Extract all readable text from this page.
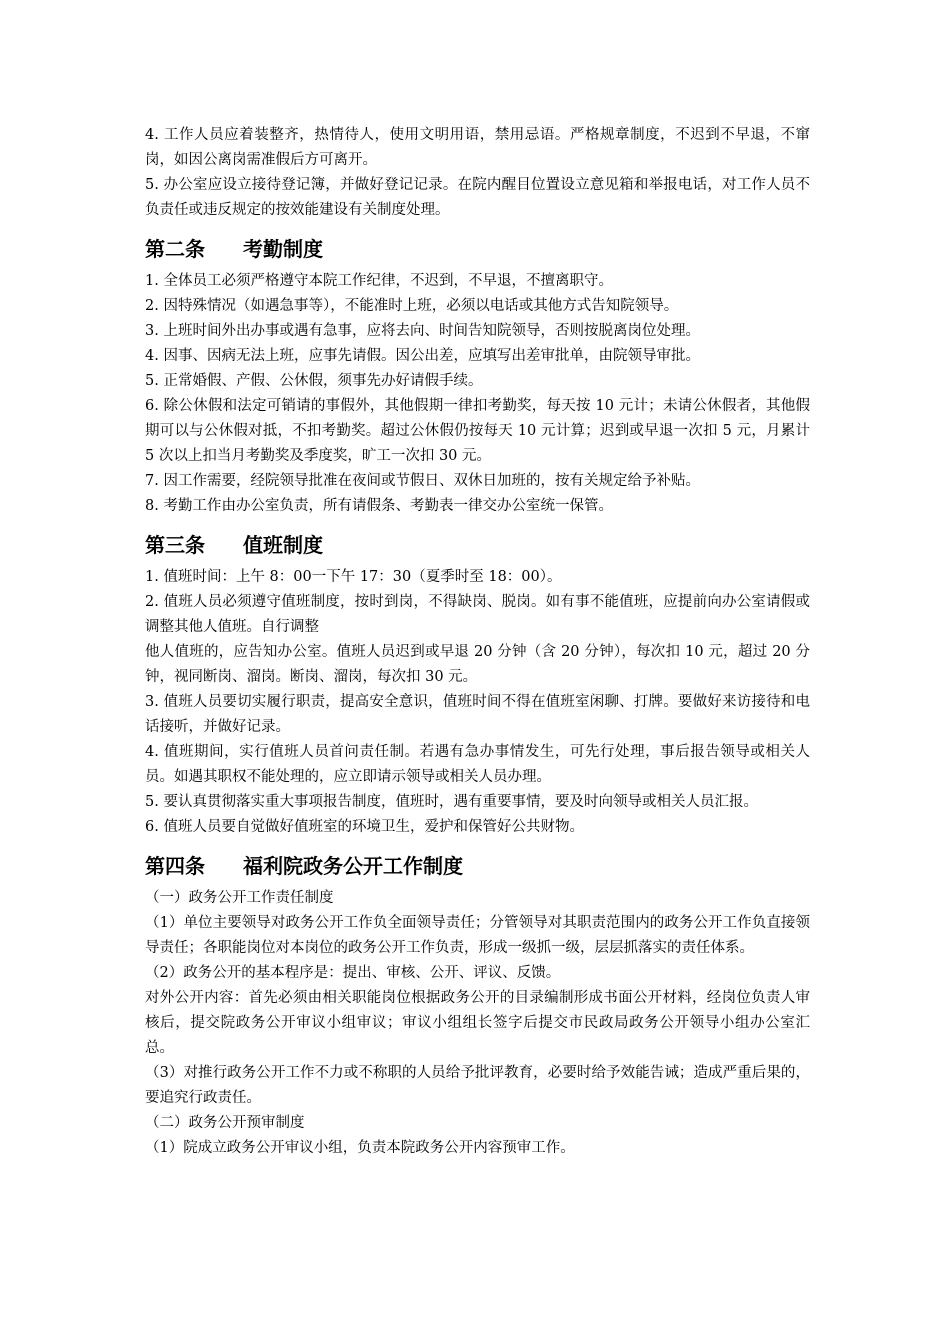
4. 工作人员应着装整齐，热情待人，使用文明用语，禁用忌语。严格规章制度，不迟到不早退，不窜岗，如因公离岗需准假后方可离开。

5. 办公室应设立接待登记簿，并做好登记记录。在院内醒目位置设立意见箱和举报电话，对工作人员不负责任或违反规定的按效能建设有关制度处理。

第二条 考勤制度

1. 全体员工必须严格遵守本院工作纪律，不迟到，不早退，不擅离职守。

2. 因特殊情况（如遇急事等），不能准时上班，必须以电话或其他方式告知院领导。

3. 上班时间外出办事或遇有急事，应将去向、时间告知院领导，否则按脱离岗位处理。

4. 因事、因病无法上班，应事先请假。因公出差，应填写出差审批单，由院领导审批。

5. 正常婚假、产假、公休假，须事先办好请假手续。

6. 除公休假和法定可销请的事假外，其他假期一律扣考勤奖，每天按 10 元计；未请公休假者，其他假期可以与公休假对抵，不扣考勤奖。超过公休假仍按每天 10 元计算；迟到或早退一次扣 5 元，月累计 5 次以上扣当月考勤奖及季度奖，旷工一次扣 30 元。

7. 因工作需要，经院领导批准在夜间或节假日、双休日加班的，按有关规定给予补贴。

8. 考勤工作由办公室负责，所有请假条、考勤表一律交办公室统一保管。

第三条 值班制度

1. 值班时间：上午 8：00一下午 17：30（夏季时至 18：00）。

2. 值班人员必须遵守值班制度，按时到岗，不得缺岗、脱岗。如有事不能值班，应提前向办公室请假或调整其他人值班。自行调整

他人值班的，应告知办公室。值班人员迟到或早退 20 分钟（含 20 分钟），每次扣 10 元，超过 20 分钟，视同断岗、溜岗。断岗、溜岗，每次扣 30 元。

3. 值班人员要切实履行职责，提高安全意识，值班时间不得在值班室闲聊、打牌。要做好来访接待和电话接听，并做好记录。

4. 值班期间，实行值班人员首问责任制。若遇有急办事情发生，可先行处理，事后报告领导或相关人员。如遇其职权不能处理的，应立即请示领导或相关人员办理。

5. 要认真贯彻落实重大事项报告制度，值班时，遇有重要事情，要及时向领导或相关人员汇报。

6. 值班人员要自觉做好值班室的环境卫生，爱护和保管好公共财物。

第四条 福利院政务公开工作制度

（一）政务公开工作责任制度

（1）单位主要领导对政务公开工作负全面领导责任；分管领导对其职责范围内的政务公开工作负直接领导责任；各职能岗位对本岗位的政务公开工作负责，形成一级抓一级，层层抓落实的责任体系。

（2）政务公开的基本程序是：提出、审核、公开、评议、反馈。

对外公开内容：首先必须由相关职能岗位根据政务公开的目录编制形成书面公开材料，经岗位负责人审核后，提交院政务公开审议小组审议；审议小组组长签字后提交市民政局政务公开领导小组办公室汇总。

（3）对推行政务公开工作不力或不称职的人员给予批评教育，必要时给予效能告诫；造成严重后果的，要追究行政责任。

（二）政务公开预审制度

（1）院成立政务公开审议小组，负责本院政务公开内容预审工作。
